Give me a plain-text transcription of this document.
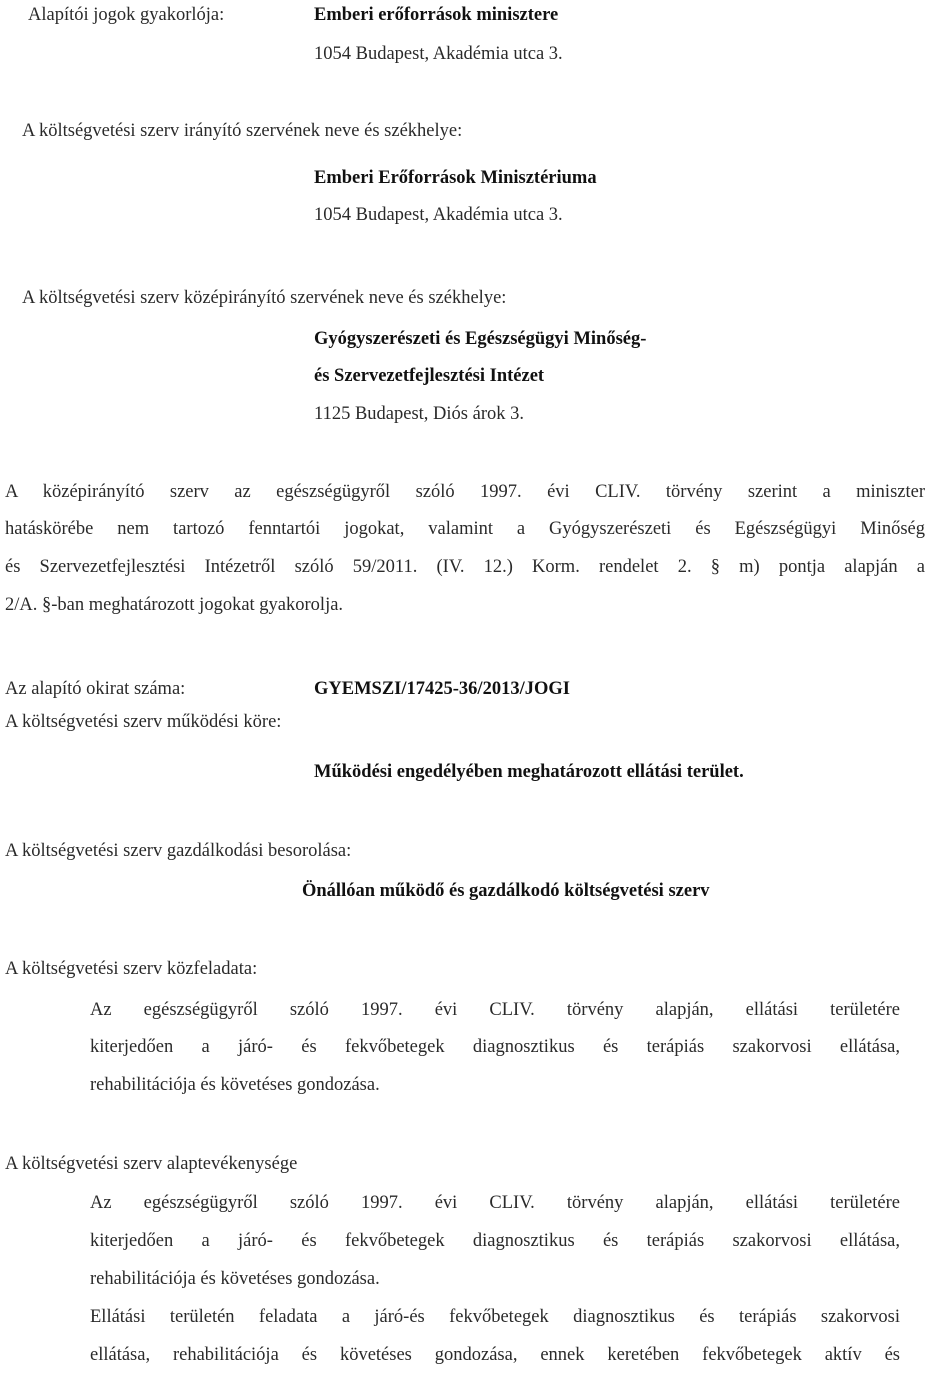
Alapítói jogok gyakorlója:	Emberi erőforrások minisztere
1054 Budapest, Akadémia utca 3.
A költségvetési szerv irányító szervének neve és székhelye:
Emberi Erőforrások Minisztériuma
1054 Budapest, Akadémia utca 3.
A költségvetési szerv középirányító szervének neve és székhelye:
Gyógyszerészeti és Egészségügyi Minőség-
és Szervezetfejlesztési Intézet
1125 Budapest, Diós árok 3.
A középirányító szerv az egészségügyről szóló 1997. évi CLIV. törvény szerint a miniszter
hatáskörébe nem tartozó fenntartói jogokat, valamint a Gyógyszerészeti és Egészségügyi Minőség
és Szervezetfejlesztési Intézetről szóló 59/2011. (IV. 12.) Korm. rendelet 2. § m) pontja alapján a
2/A. §-ban meghatározott jogokat gyakorolja.
Az alapító okirat száma:	GYEMSZI/17425-36/2013/JOGI
A költségvetési szerv működési köre:
Működési engedélyében meghatározott ellátási terület.
A költségvetési szerv gazdálkodási besorolása:
Önállóan működő és gazdálkodó költségvetési szerv
A költségvetési szerv közfeladata:
Az egészségügyről szóló 1997. évi CLIV. törvény alapján, ellátási területére
kiterjedően a járó- és fekvőbetegek diagnosztikus és terápiás szakorvosi ellátása,
rehabilitációja és követéses gondozása.
A költségvetési szerv alaptevékenysége
Az egészségügyről szóló 1997. évi CLIV. törvény alapján, ellátási területére
kiterjedően a járó- és fekvőbetegek diagnosztikus és terápiás szakorvosi ellátása,
rehabilitációja és követéses gondozása.
Ellátási területén feladata a járó-és fekvőbetegek diagnosztikus és terápiás szakorvosi
ellátása, rehabilitációja és követéses gondozása, ennek keretében fekvőbetegek aktív és
